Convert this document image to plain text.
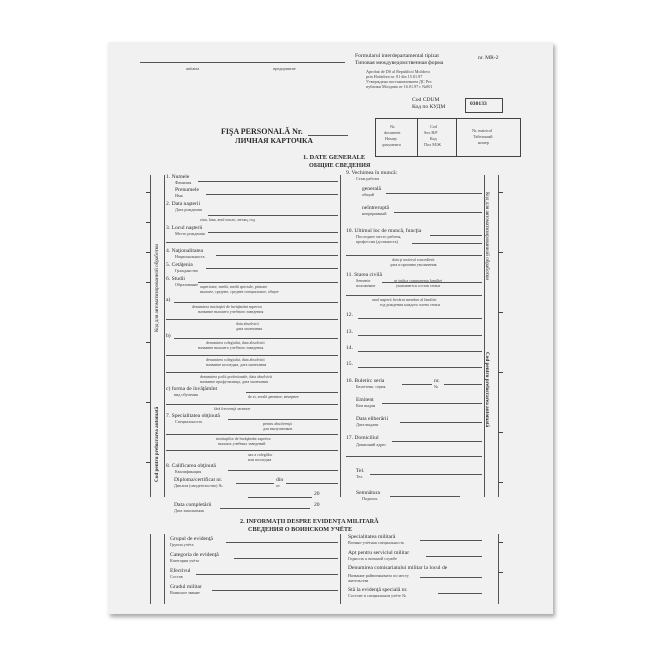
unitatea	предприятие
Formularul interdepartamental tipizat	nr. MR-2
Типовая междуведомственная форма
Aprobat de DS al Republicii Moldova
prin Hotărîrea nr. 01 din 15.01.97
Утверждена постановлением ДС Рес
публики Молдова от 16.01.97 г №001
Cod CDUM
Код по КУДМ	030133
FIŞA PERSONALĂ Nr.
ЛИЧНАЯ КАРТОЧКА
Nr.
document
Номер
документа
Cod
Sex B/F
Код
Пол М/Ж
Nr. matricol
Табельный
номер
1. DATE GENERALE
ОБЩИЕ СВЕДЕНИЯ
Код для автоматизированной обработки
Cod pentru prelucrarea automată
Код для автоматизированной обработки
Cod pentru prelucrarea automată
1. Numele
Фамилия
Prenumele
Имя
2. Data naşterii
Дата рождения
ziua, luna, anul число, месяц, год
3. Locul naşterii
Место рождения
4. Naţionalitatea
Национальность
5. Cetăţenia
Гражданство
6. Studii
Образование superioare, medii, medii speciale, primare
высшее, среднее, среднее специальное, общее
a)
denumirea instituţiei de învăţămînt superior
название высшего учебного заведения
data absolvirii
дата окончания
b)
denumirea colegiului, data absolvirii
название высшего учебного заведения
denumirea colegiului, data absolvirii
название колледжа, дата окончания
denumirea şcolii profesionale, data absolvirii
название профучилища, дата окончания
c) forma de învăţămînt
вид обучения	de zi, serală дневное, вечернее
fără frecvenţă заочное
7. Specialitatea obţinută
Специальность	pentru absolvenţii
для выпускников
instituţiilor de învăţămînt superior
высших учебных заведений
sau a colegiilor
или колледжа
8. Calificarea obţinută
Квалификация
Diploma/certificat nr.
Диплом (свидетельство) №
din
от
20
Data completării
Дата заполнения
20
9. Vechimea în muncă:
Стаж работы
generală
общий
neîntreruptă
непрерывный
10. Ultimul loc de muncă, funcţia
Последнее место работы,
профессия (должность)
data şi motivul concedierii
дата и причина увольнения
11. Starea civilă
Semeniе
положение
se indica componenţa familiei
указывается состав семьи
anul naşterii fiecărui membru al familiei
год рождения каждого члена семьи
12.
13.
14.
15.
16. Buletin: seria
Бюлетень: серия
nr.
№
Emitent
Кем выдан
Data eliberării
Дата выдачи
17. Domiciliul
Домашний адрес
Tel.
Тел.
Semnătura
Подпись
2. INFORMAŢII DESPRE EVIDENŢA MILITARĂ
СВЕДЕНИЯ О ВОИНСКОМ УЧЁТЕ
Grupul de evidenţă
Группа учёта
Categoria de evidenţă
Категория учёта
Efectivul
Состав
Gradul militar
Воинское звание
Specialitatea militară
Военно-учётная специальность
Apt pentru serviciul militar
Годность к военной службе
Denumirea comisariatului militar la locul de
Название райвоенкомата по месту жительства
Stă la evidenţă specială nr.
Состоит в специальном учёте №
